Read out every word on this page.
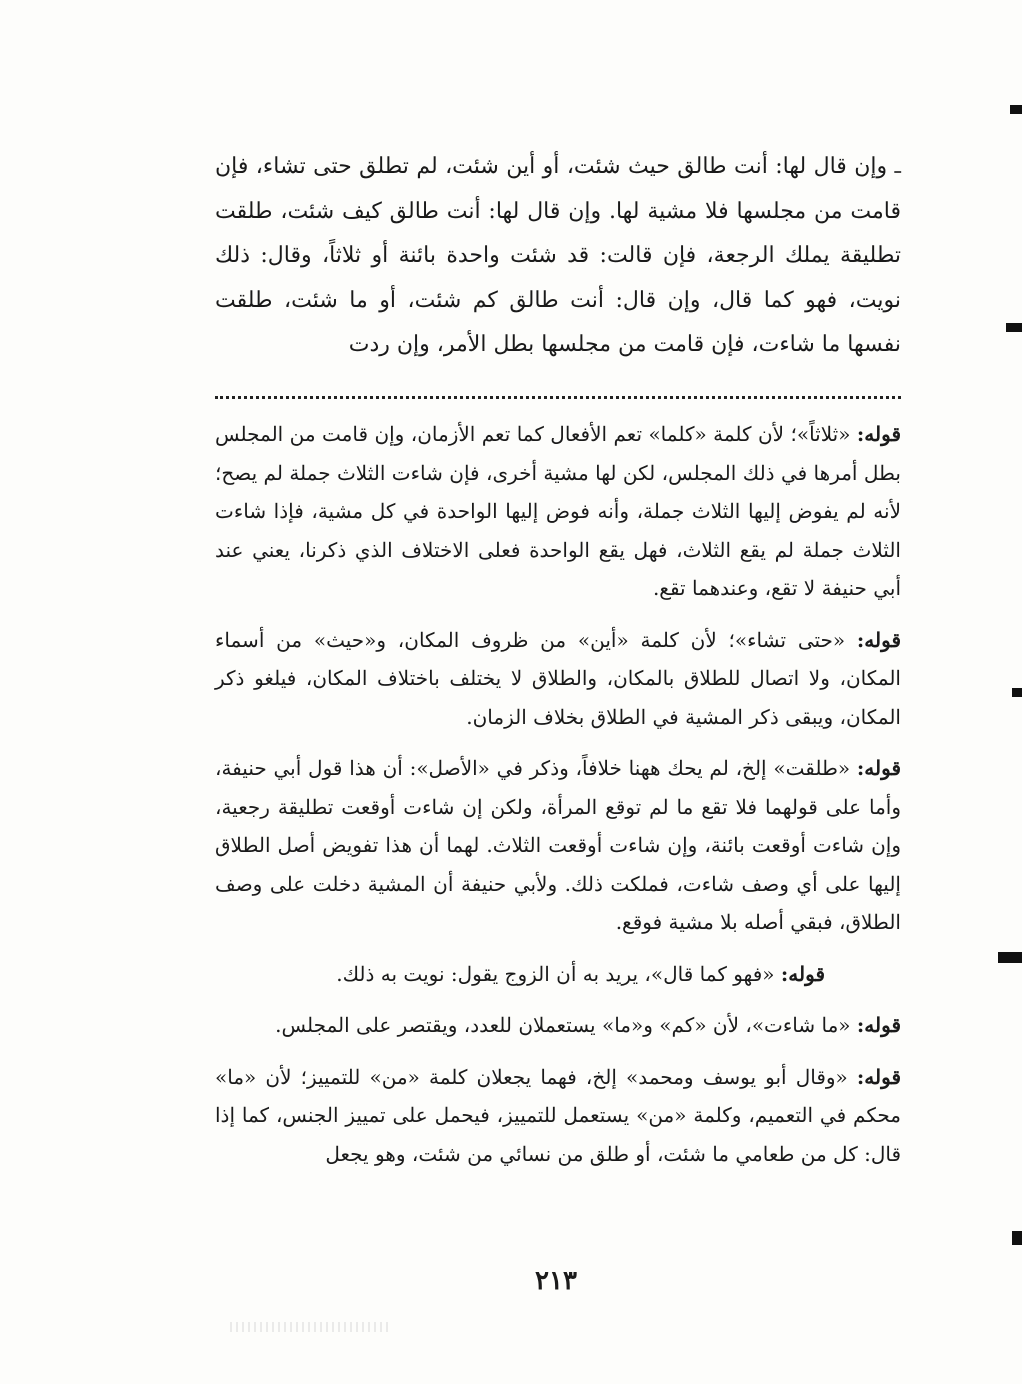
ـ وإن قال لها: أنت طالق حيث شئت، أو أين شئت، لم تطلق حتى تشاء، فإن قامت من مجلسها فلا مشية لها. وإن قال لها: أنت طالق كيف شئت، طلقت تطليقة يملك الرجعة، فإن قالت: قد شئت واحدة بائنة أو ثلاثاً، وقال: ذلك نويت، فهو كما قال، وإن قال: أنت طالق كم شئت، أو ما شئت، طلقت نفسها ما شاءت، فإن قامت من مجلسها بطل الأمر، وإن ردت

قوله: «ثلاثاً»؛ لأن كلمة «كلما» تعم الأفعال كما تعم الأزمان، وإن قامت من المجلس بطل أمرها في ذلك المجلس، لكن لها مشية أخرى، فإن شاءت الثلاث جملة لم يصح؛ لأنه لم يفوض إليها الثلاث جملة، وأنه فوض إليها الواحدة في كل مشية، فإذا شاءت الثلاث جملة لم يقع الثلاث، فهل يقع الواحدة فعلى الاختلاف الذي ذكرنا، يعني عند أبي حنيفة لا تقع، وعندهما تقع.

قوله: «حتى تشاء»؛ لأن كلمة «أين» من ظروف المكان، و«حيث» من أسماء المكان، ولا اتصال للطلاق بالمكان، والطلاق لا يختلف باختلاف المكان، فيلغو ذكر المكان، ويبقى ذكر المشية في الطلاق بخلاف الزمان.

قوله: «طلقت» إلخ، لم يحك ههنا خلافاً، وذكر في «الأصل»: أن هذا قول أبي حنيفة، وأما على قولهما فلا تقع ما لم توقع المرأة، ولكن إن شاءت أوقعت تطليقة رجعية، وإن شاءت أوقعت بائنة، وإن شاءت أوقعت الثلاث. لهما أن هذا تفويض أصل الطلاق إليها على أي وصف شاءت، فملكت ذلك. ولأبي حنيفة أن المشية دخلت على وصف الطلاق، فبقي أصله بلا مشية فوقع.

قوله: «فهو كما قال»، يريد به أن الزوج يقول: نويت به ذلك.

قوله: «ما شاءت»، لأن «كم» و«ما» يستعملان للعدد، ويقتصر على المجلس.

قوله: «وقال أبو يوسف ومحمد» إلخ، فهما يجعلان كلمة «من» للتمييز؛ لأن «ما» محكم في التعميم، وكلمة «من» يستعمل للتمييز، فيحمل على تمييز الجنس، كما إذا قال: كل من طعامي ما شئت، أو طلق من نسائي من شئت، وهو يجعل

٢١٣
